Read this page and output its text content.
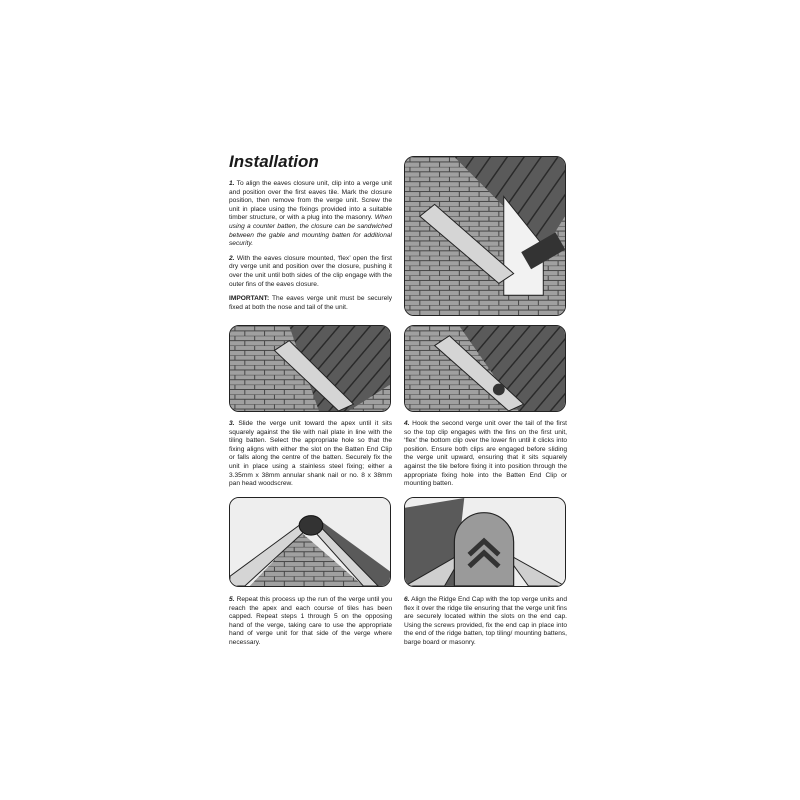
Installation

1. To align the eaves closure unit, clip into a verge unit and position over the first eaves tile. Mark the closure position, then remove from the verge unit. Screw the unit in place using the fixings provided into a suitable timber structure, or with a plug into the masonry. When using a counter batten, the closure can be sandwiched between the gable and mounting batten for additional security.

2. With the eaves closure mounted, ‘flex’ open the first dry verge unit and position over the closure, pushing it over the unit until both sides of the clip engage with the outer fins of the eaves closure.

IMPORTANT: The eaves verge unit must be securely fixed at both the nose and tail of the unit.

3. Slide the verge unit toward the apex until it sits squarely against the tile with nail plate in line with the tiling batten. Select the appropriate hole so that the fixing aligns with either the slot on the Batten End Clip or falls along the centre of the batten. Securely fix the unit in place using a stainless steel fixing; either a 3.35mm x 38mm annular shank nail or no. 8 x 38mm pan head woodscrew.

4. Hook the second verge unit over the tail of the first so the top clip engages with the fins on the first unit, ‘flex’ the bottom clip over the lower fin until it clicks into position. Ensure both clips are engaged before sliding the verge unit upward, ensuring that it sits squarely against the tile before fixing it into position through the appropriate fixing hole into the Batten End Clip or mounting batten.

5. Repeat this process up the run of the verge until you reach the apex and each course of tiles has been capped. Repeat steps 1 through 5 on the opposing hand of the verge, taking care to use the appropriate hand of verge unit for that side of the verge where necessary.

6. Align the Ridge End Cap with the top verge units and flex it over the ridge tile ensuring that the verge unit fins are securely located within the slots on the end cap. Using the screws provided, fix the end cap in place into the end of the ridge batten, top tiling/ mounting battens, barge board or masonry.
